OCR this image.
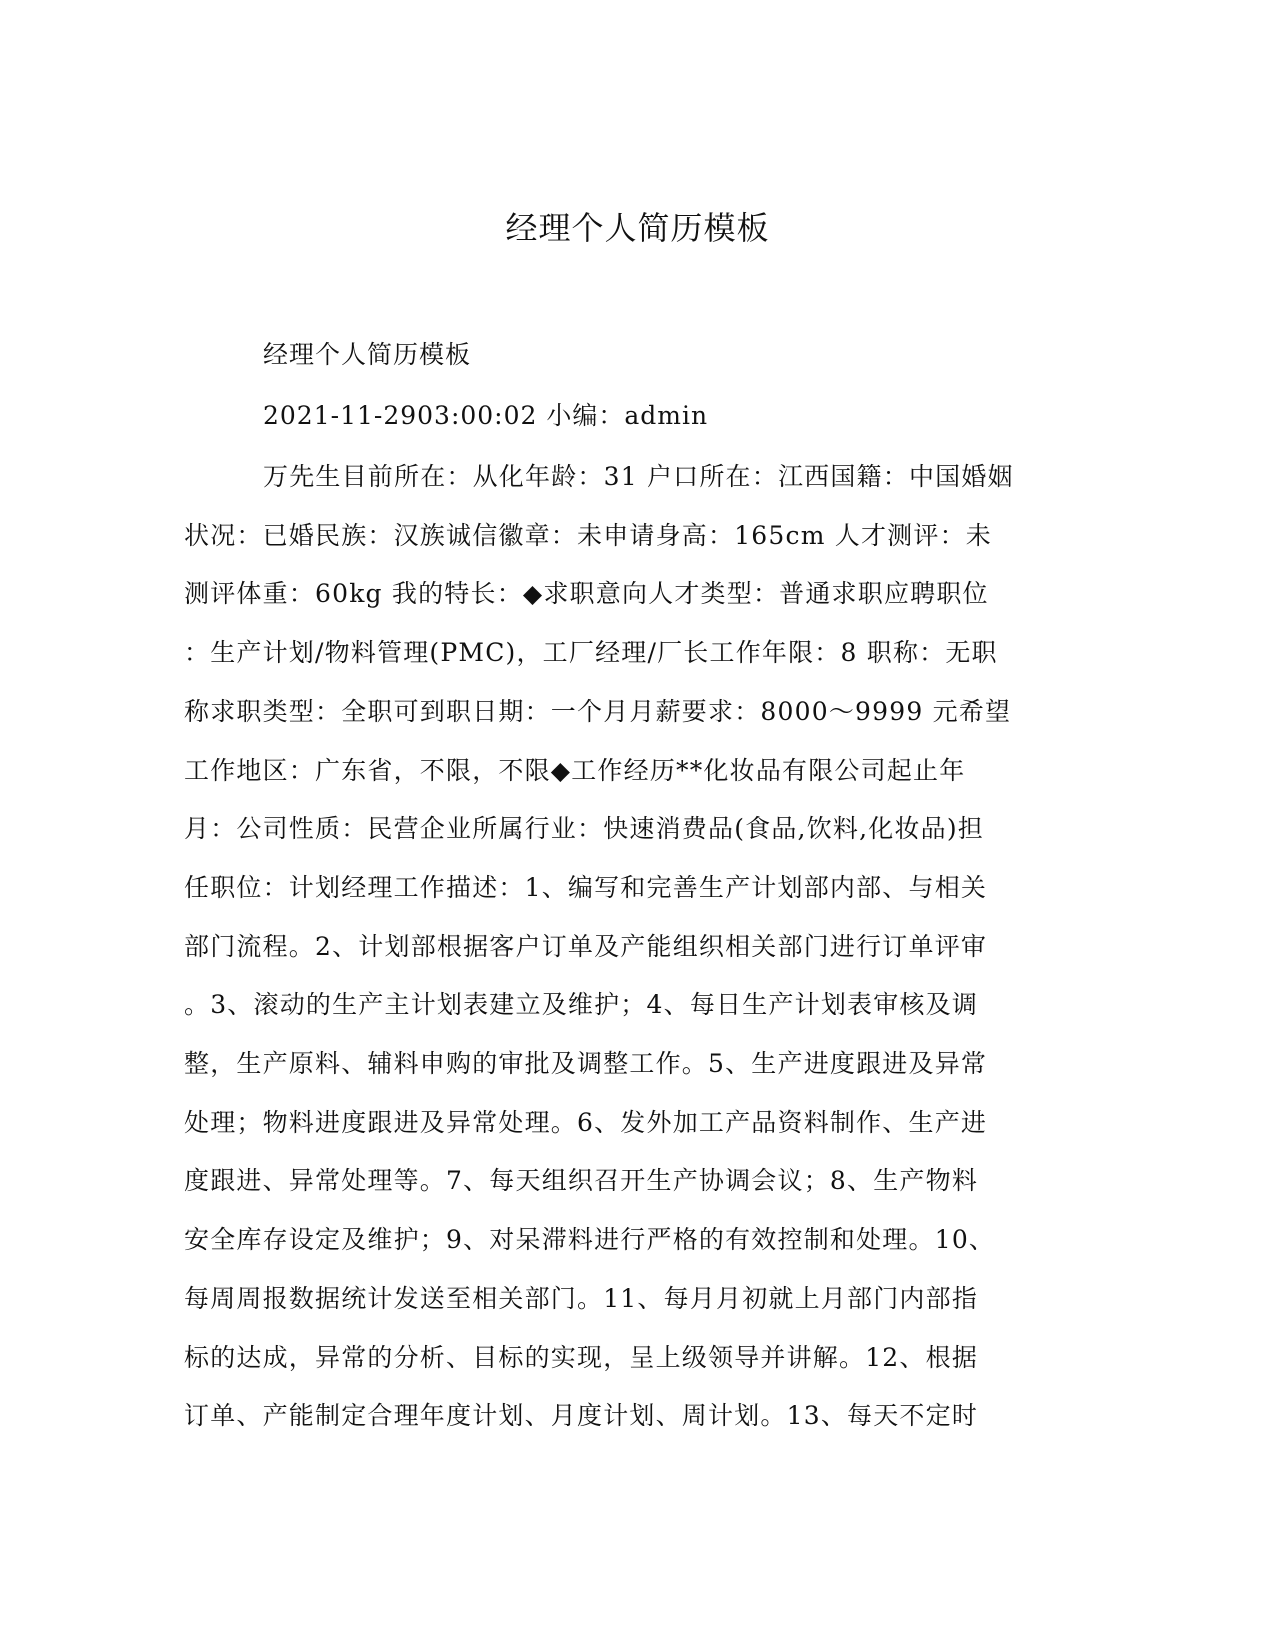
经理个人简历模板
经理个人简历模板
2021-11-2903:00:02 小编：admin
万先生目前所在：从化年龄：31 户口所在：江西国籍：中国婚姻
状况：已婚民族：汉族诚信徽章：未申请身高：165cm 人才测评：未
测评体重：60kg 我的特长：◆求职意向人才类型：普通求职应聘职位
：生产计划/物料管理(PMC)，工厂经理/厂长工作年限：8 职称：无职
称求职类型：全职可到职日期：一个月月薪要求：8000～9999 元希望
工作地区：广东省，不限，不限◆工作经历**化妆品有限公司起止年
月：公司性质：民营企业所属行业：快速消费品(食品,饮料,化妆品)担
任职位：计划经理工作描述：1、编写和完善生产计划部内部、与相关
部门流程。2、计划部根据客户订单及产能组织相关部门进行订单评审
。3、滚动的生产主计划表建立及维护；4、每日生产计划表审核及调
整，生产原料、辅料申购的审批及调整工作。5、生产进度跟进及异常
处理；物料进度跟进及异常处理。6、发外加工产品资料制作、生产进
度跟进、异常处理等。7、每天组织召开生产协调会议；8、生产物料
安全库存设定及维护；9、对呆滞料进行严格的有效控制和处理。10、
每周周报数据统计发送至相关部门。11、每月月初就上月部门内部指
标的达成，异常的分析、目标的实现，呈上级领导并讲解。12、根据
订单、产能制定合理年度计划、月度计划、周计划。13、每天不定时
